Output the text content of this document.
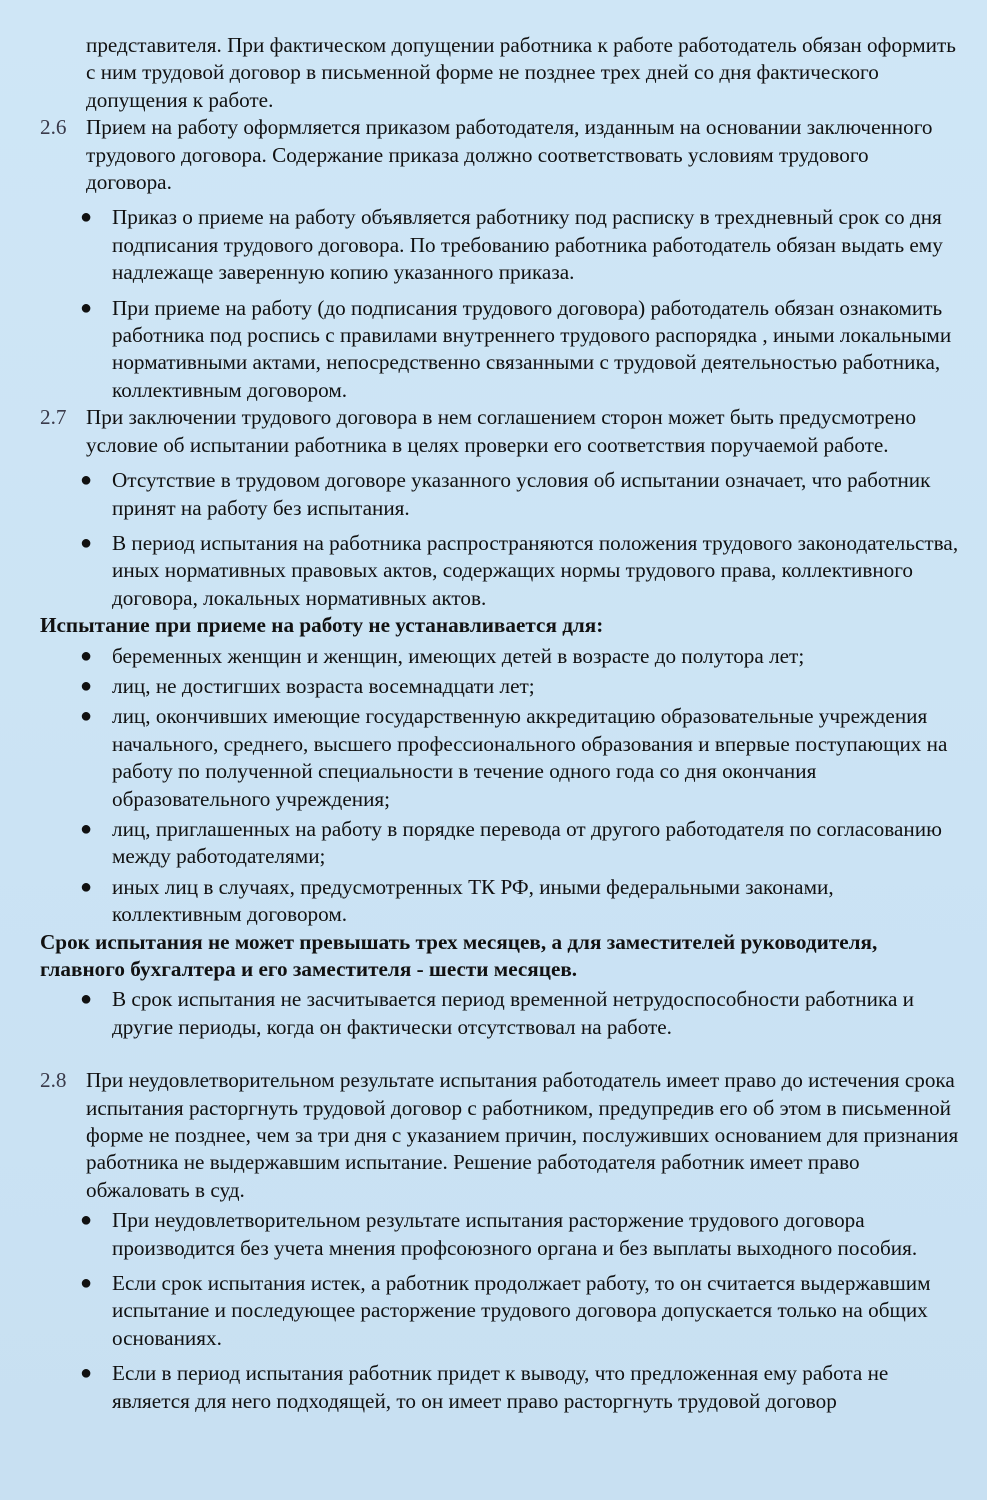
представителя. При фактическом допущении работника к работе работодатель обязан оформить с ним трудовой договор в письменной форме не позднее трех дней со дня фактического допущения к работе.

2.6 Прием на работу оформляется приказом работодателя, изданным на основании заключенного трудового договора. Содержание приказа должно соответствовать условиям трудового договора.
● Приказ о приеме на работу объявляется работнику под расписку в трехдневный срок со дня подписания трудового договора. По требованию работника работодатель обязан выдать ему надлежаще заверенную копию указанного приказа.
● При приеме на работу (до подписания трудового договора) работодатель обязан ознакомить работника под роспись с правилами внутреннего трудового распорядка , иными локальными нормативными актами, непосредственно связанными с трудовой деятельностью работника, коллективным договором.
2.7 При заключении трудового договора в нем соглашением сторон может быть предусмотрено условие об испытании работника в целях проверки его соответствия поручаемой работе.
● Отсутствие в трудовом договоре указанного условия об испытании означает, что работник принят на работу без испытания.
● В период испытания на работника распространяются положения трудового законодательства, иных нормативных правовых актов, содержащих нормы трудового права, коллективного договора, локальных нормативных актов.

Испытание при приеме на работу не устанавливается для:

● беременных женщин и женщин, имеющих детей в возрасте до полутора лет;
● лиц, не достигших возраста восемнадцати лет;
● лиц, окончивших имеющие государственную аккредитацию образовательные учреждения начального, среднего, высшего профессионального образования и впервые поступающих на работу по полученной специальности в течение одного года со дня окончания образовательного учреждения;
● лиц, приглашенных на работу в порядке перевода от другого работодателя по согласованию между работодателями;
● иных лиц в случаях, предусмотренных ТК РФ, иными федеральными законами, коллективным договором.

Срок испытания не может превышать трех месяцев, а для заместителей руководителя, главного бухгалтера и его заместителя - шести месяцев.

● В срок испытания не засчитывается период временной нетрудоспособности работника и другие периоды, когда он фактически отсутствовал на работе.
2.8 При неудовлетворительном результате испытания работодатель имеет право до истечения срока испытания расторгнуть трудовой договор с работником, предупредив его об этом в письменной форме не позднее, чем за три дня с указанием причин, послуживших основанием для признания работника не выдержавшим испытание. Решение работодателя работник имеет право обжаловать в суд.
● При неудовлетворительном результате испытания расторжение трудового договора производится без учета мнения профсоюзного органа и без выплаты выходного пособия.
● Если срок испытания истек, а работник продолжает работу, то он считается выдержавшим испытание и последующее расторжение трудового договора допускается только на общих основаниях.
● Если в период испытания работник придет к выводу, что предложенная ему работа не является для него подходящей, то он имеет право расторгнуть трудовой договор
